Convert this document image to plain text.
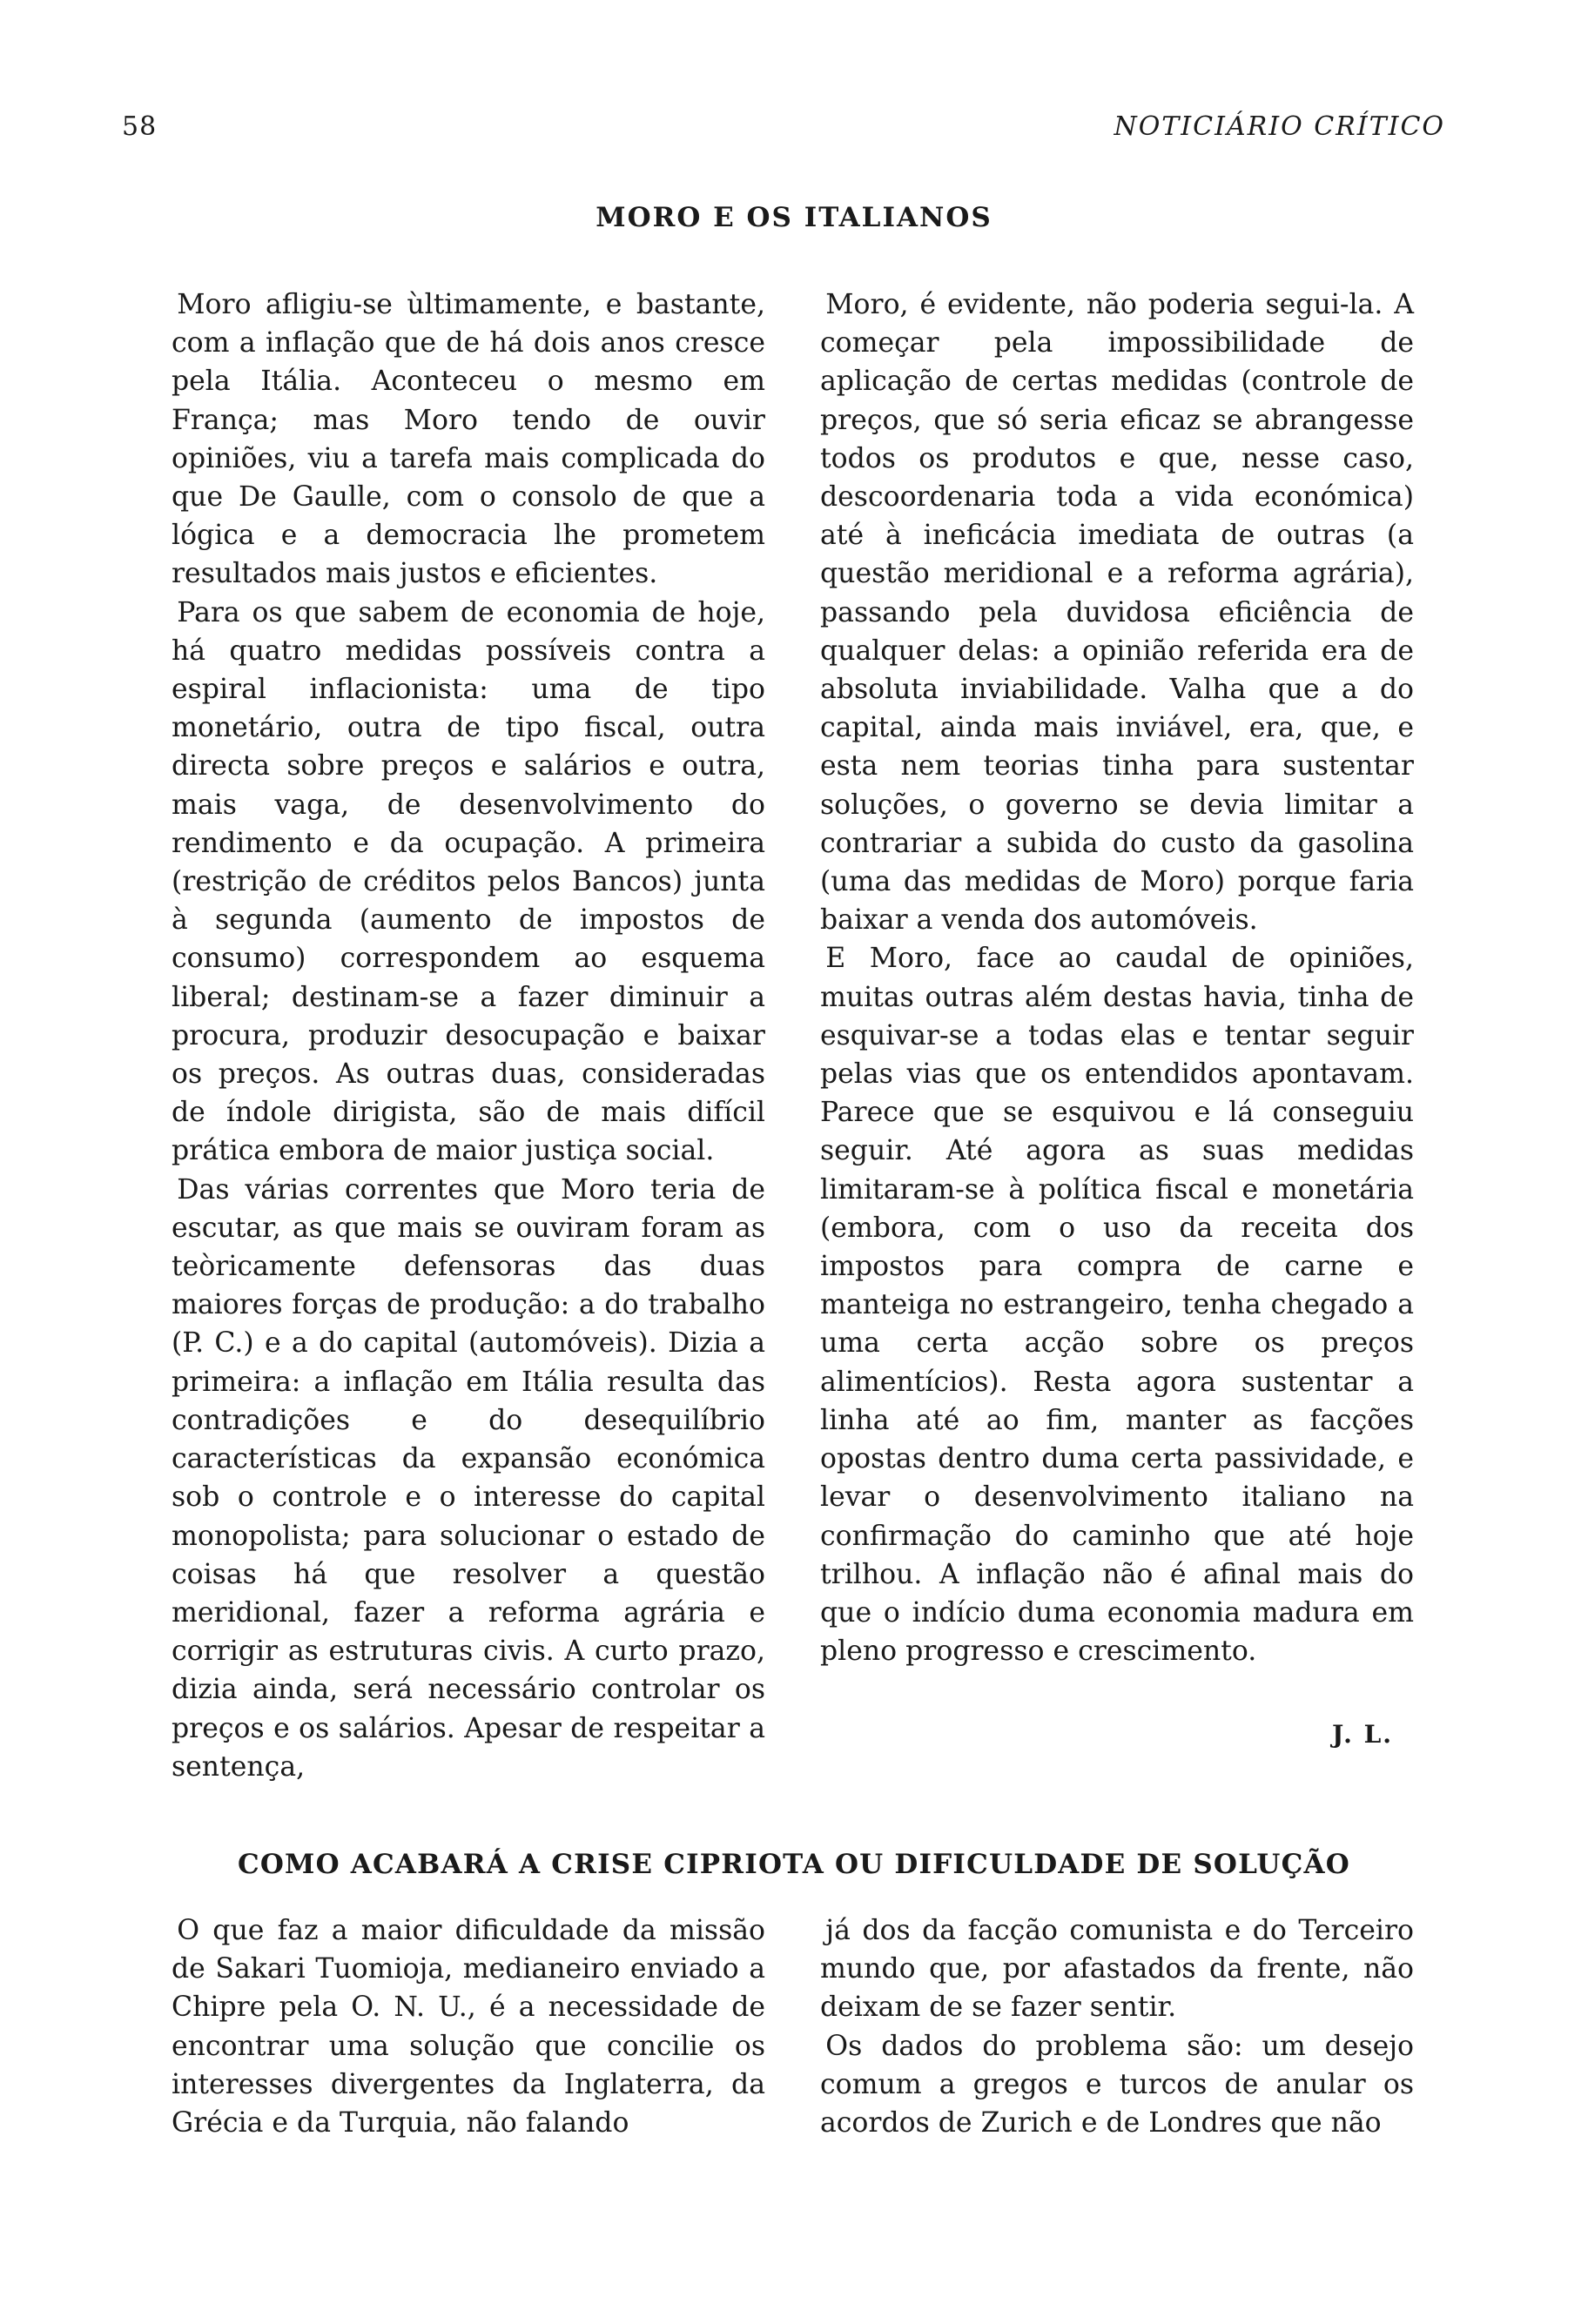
58	NOTICIÁRIO CRÍTICO
MORO E OS ITALIANOS

Moro afligiu-se ùltimamente, e bastante, com a inflação que de há dois anos cresce pela Itália. Aconteceu o mesmo em França; mas Moro tendo de ouvir opiniões, viu a tarefa mais complicada do que De Gaulle, com o consolo de que a lógica e a democracia lhe prometem resultados mais justos e eficientes.

Para os que sabem de economia de hoje, há quatro medidas possíveis contra a espiral inflacionista: uma de tipo monetário, outra de tipo fiscal, outra directa sobre preços e salários e outra, mais vaga, de desenvolvimento do rendimento e da ocupação. A primeira (restrição de créditos pelos Bancos) junta à segunda (aumento de impostos de consumo) correspondem ao esquema liberal; destinam-se a fazer diminuir a procura, produzir desocupação e baixar os preços. As outras duas, consideradas de índole dirigista, são de mais difícil prática embora de maior justiça social.

Das várias correntes que Moro teria de escutar, as que mais se ouviram foram as teòricamente defensoras das duas maiores forças de produção: a do trabalho (P. C.) e a do capital (automóveis). Dizia a primeira: a inflação em Itália resulta das contradições e do desequilíbrio características da expansão económica sob o controle e o interesse do capital monopolista; para solucionar o estado de coisas há que resolver a questão meridional, fazer a reforma agrária e corrigir as estruturas civis. A curto prazo, dizia ainda, será necessário controlar os preços e os salários. Apesar de respeitar a sentença,

Moro, é evidente, não poderia segui-la. A começar pela impossibilidade de aplicação de certas medidas (controle de preços, que só seria eficaz se abrangesse todos os produtos e que, nesse caso, descoordenaria toda a vida económica) até à ineficácia imediata de outras (a questão meridional e a reforma agrária), passando pela duvidosa eficiência de qualquer delas: a opinião referida era de absoluta inviabilidade. Valha que a do capital, ainda mais inviável, era, que, e esta nem teorias tinha para sustentar soluções, o governo se devia limitar a contrariar a subida do custo da gasolina (uma das medidas de Moro) porque faria baixar a venda dos automóveis.

E Moro, face ao caudal de opiniões, muitas outras além destas havia, tinha de esquivar-se a todas elas e tentar seguir pelas vias que os entendidos apontavam. Parece que se esquivou e lá conseguiu seguir. Até agora as suas medidas limitaram-se à política fiscal e monetária (embora, com o uso da receita dos impostos para compra de carne e manteiga no estrangeiro, tenha chegado a uma certa acção sobre os preços alimentícios). Resta agora sustentar a linha até ao fim, manter as facções opostas dentro duma certa passividade, e levar o desenvolvimento italiano na confirmação do caminho que até hoje trilhou. A inflação não é afinal mais do que o indício duma economia madura em pleno progresso e crescimento.

J. L.
COMO ACABARÁ A CRISE CIPRIOTA OU DIFICULDADE DE SOLUÇÃO

O que faz a maior dificuldade da missão de Sakari Tuomioja, medianeiro enviado a Chipre pela O. N. U., é a necessidade de encontrar uma solução que concilie os interesses divergentes da Inglaterra, da Grécia e da Turquia, não falando

já dos da facção comunista e do Terceiro mundo que, por afastados da frente, não deixam de se fazer sentir.

Os dados do problema são: um desejo comum a gregos e turcos de anular os acordos de Zurich e de Londres que não
